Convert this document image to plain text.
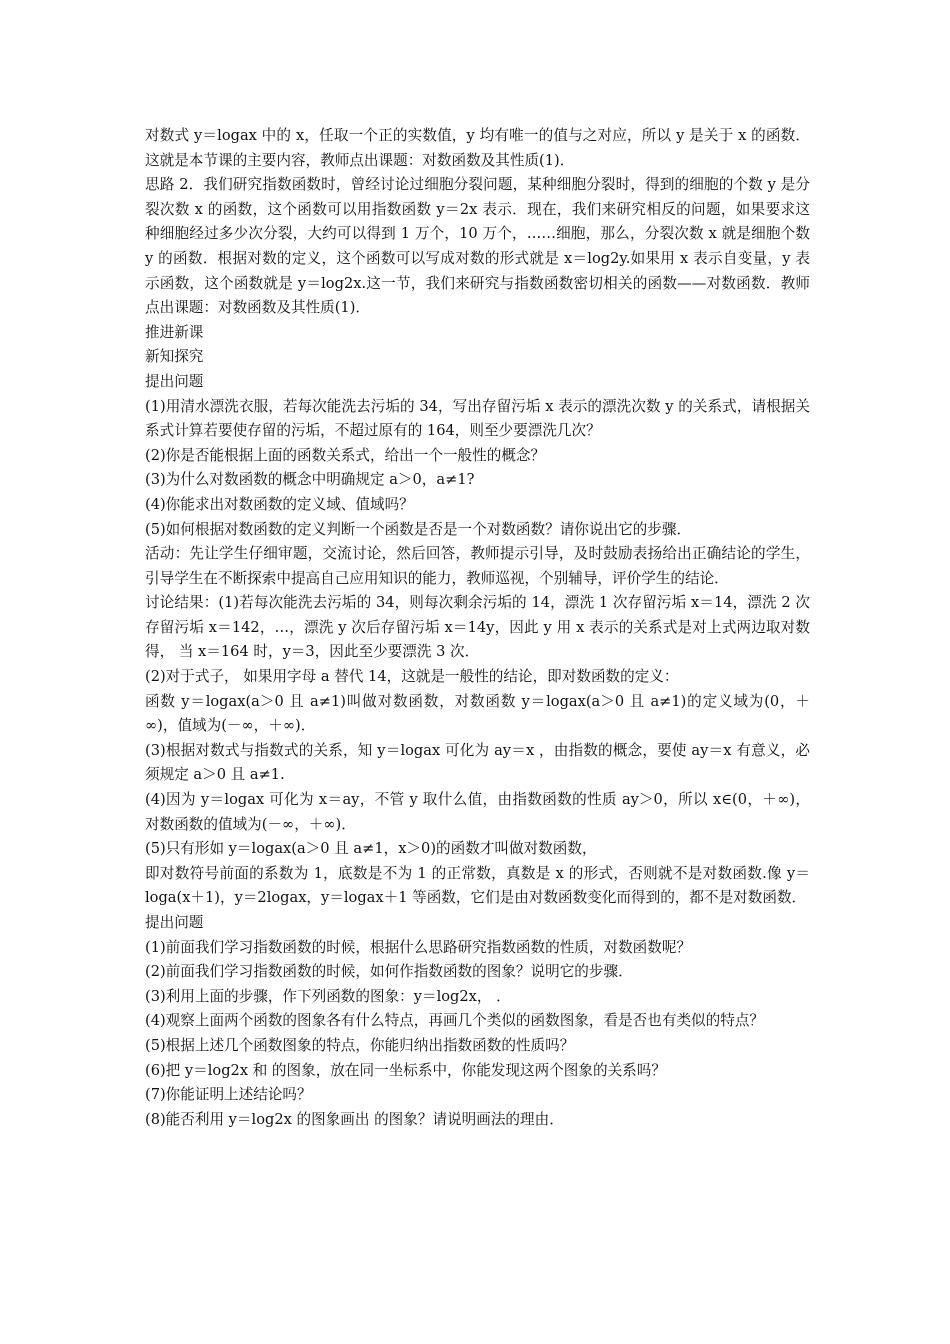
对数式 y＝logax 中的 x，任取一个正的实数值，y 均有唯一的值与之对应，所以 y 是关于 x 的函数．这就是本节课的主要内容，教师点出课题：对数函数及其性质(1)．

思路 2．我们研究指数函数时，曾经讨论过细胞分裂问题，某种细胞分裂时，得到的细胞的个数 y 是分裂次数 x 的函数，这个函数可以用指数函数 y＝2x 表示．现在，我们来研究相反的问题，如果要求这种细胞经过多少次分裂，大约可以得到 1 万个，10 万个，……细胞，那么，分裂次数 x 就是细胞个数 y 的函数．根据对数的定义，这个函数可以写成对数的形式就是 x＝log2y.如果用 x 表示自变量，y 表示函数，这个函数就是 y＝log2x.这一节，我们来研究与指数函数密切相关的函数——对数函数．教师点出课题：对数函数及其性质(1)．

推进新课

新知探究

提出问题

(1)用清水漂洗衣服，若每次能洗去污垢的 34，写出存留污垢 x 表示的漂洗次数 y 的关系式，请根据关系式计算若要使存留的污垢，不超过原有的 164，则至少要漂洗几次？

(2)你是否能根据上面的函数关系式，给出一个一般性的概念？

(3)为什么对数函数的概念中明确规定 a＞0，a≠1?

(4)你能求出对数函数的定义域、值域吗？

(5)如何根据对数函数的定义判断一个函数是否是一个对数函数？请你说出它的步骤．

活动：先让学生仔细审题，交流讨论，然后回答，教师提示引导，及时鼓励表扬给出正确结论的学生，引导学生在不断探索中提高自己应用知识的能力，教师巡视，个别辅导，评价学生的结论．

讨论结果：(1)若每次能洗去污垢的 34，则每次剩余污垢的 14，漂洗 1 次存留污垢 x＝14，漂洗 2 次存留污垢 x＝142，…，漂洗 y 次后存留污垢 x＝14y，因此 y 用 x 表示的关系式是对上式两边取对数得， 当 x＝164 时，y＝3，因此至少要漂洗 3 次．

(2)对于式子， 如果用字母 a 替代 14，这就是一般性的结论，即对数函数的定义：

函数 y＝logax(a＞0 且 a≠1)叫做对数函数，对数函数 y＝logax(a＞0 且 a≠1)的定义域为(0，＋∞)，值域为(－∞，＋∞)．

(3)根据对数式与指数式的关系，知 y＝logax 可化为 ay＝x ，由指数的概念，要使 ay＝x 有意义，必须规定 a＞0 且 a≠1.

(4)因为 y＝logax 可化为 x＝ay，不管 y 取什么值，由指数函数的性质 ay＞0，所以 x∈(0，＋∞)，对数函数的值域为(－∞，＋∞)．

(5)只有形如 y＝logax(a＞0 且 a≠1，x＞0)的函数才叫做对数函数，

即对数符号前面的系数为 1，底数是不为 1 的正常数，真数是 x 的形式，否则就不是对数函数.像 y＝loga(x＋1)，y＝2logax，y＝logax＋1 等函数，它们是由对数函数变化而得到的，都不是对数函数．

提出问题

(1)前面我们学习指数函数的时候，根据什么思路研究指数函数的性质，对数函数呢？

(2)前面我们学习指数函数的时候，如何作指数函数的图象？说明它的步骤．

(3)利用上面的步骤，作下列函数的图象：y＝log2x， ．

(4)观察上面两个函数的图象各有什么特点，再画几个类似的函数图象，看是否也有类似的特点？

(5)根据上述几个函数图象的特点，你能归纳出指数函数的性质吗？

(6)把 y＝log2x 和 的图象，放在同一坐标系中，你能发现这两个图象的关系吗？

(7)你能证明上述结论吗？

(8)能否利用 y＝log2x 的图象画出 的图象？请说明画法的理由．
